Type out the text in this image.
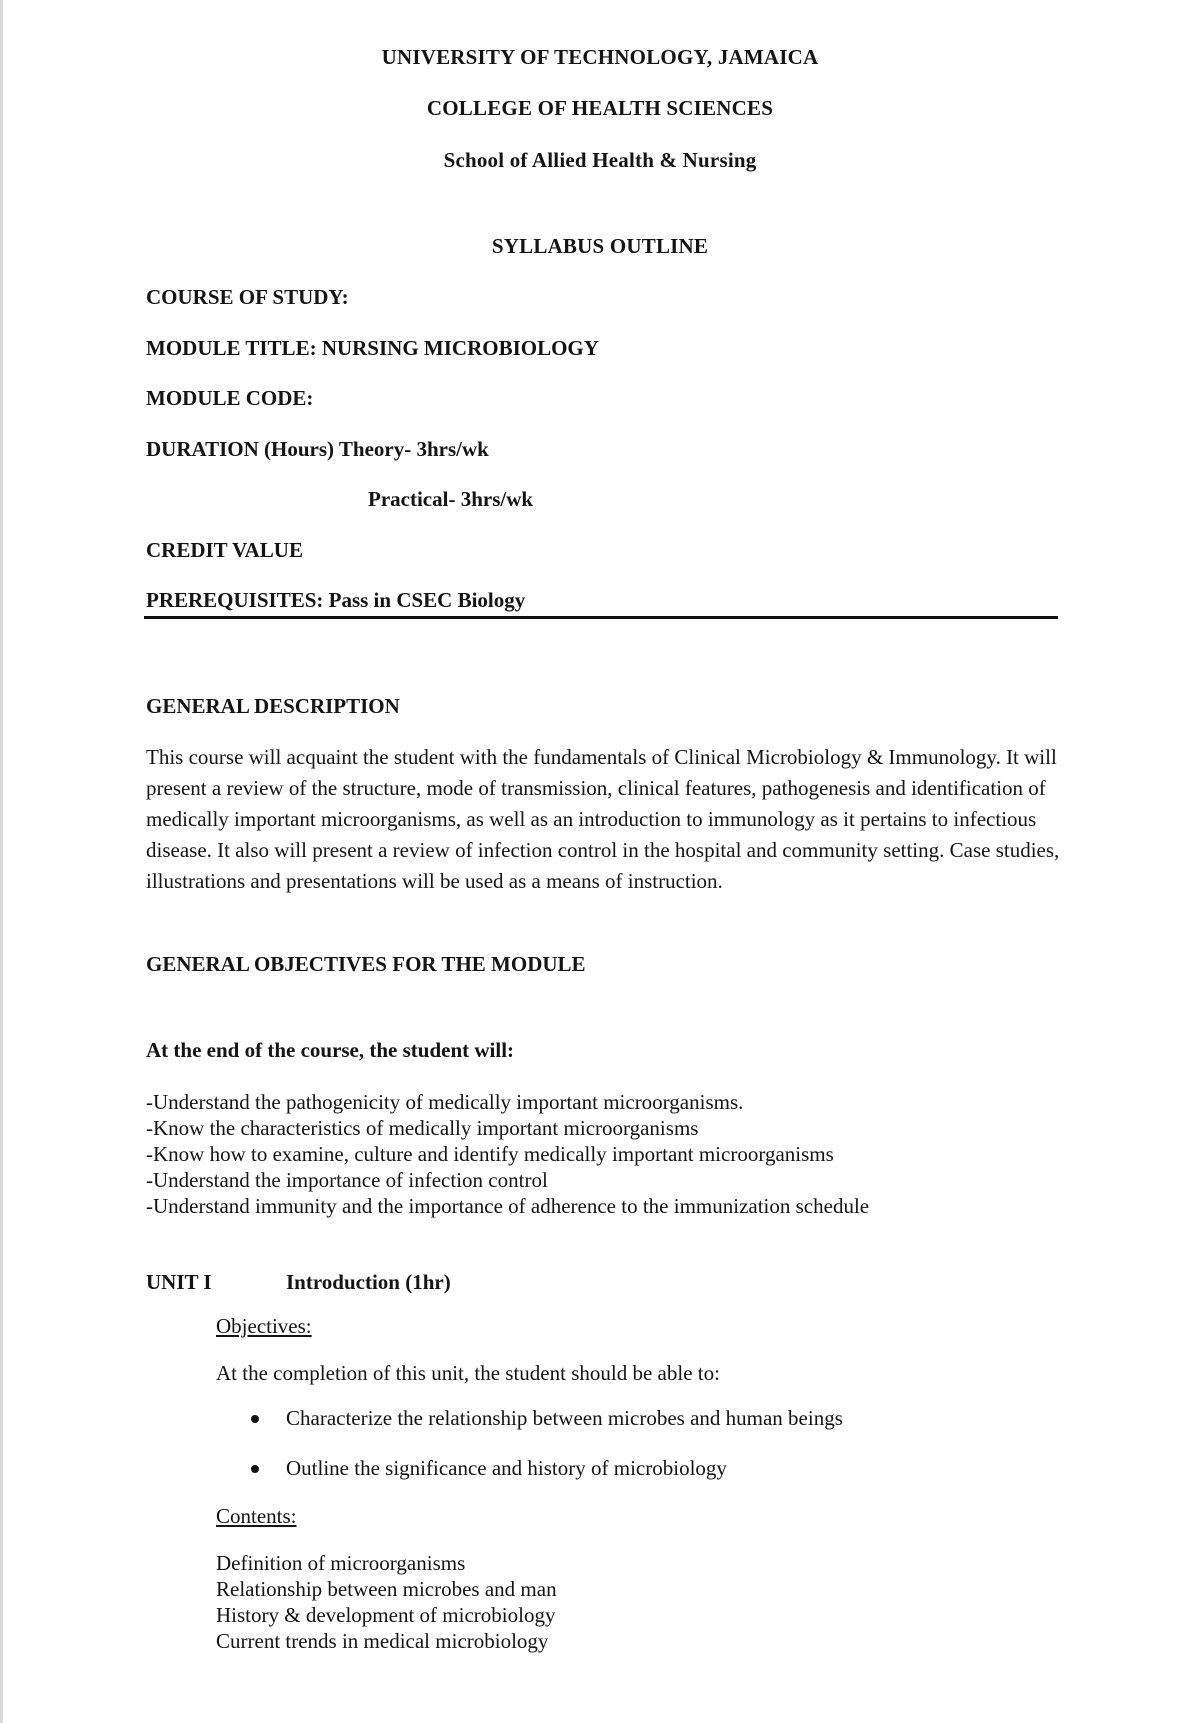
UNIVERSITY OF TECHNOLOGY, JAMAICA
COLLEGE OF HEALTH SCIENCES
School of Allied Health & Nursing
SYLLABUS OUTLINE
COURSE OF STUDY:
MODULE TITLE: NURSING MICROBIOLOGY
MODULE CODE:
DURATION (Hours) Theory- 3hrs/wk
Practical- 3hrs/wk
CREDIT VALUE
PREREQUISITES: Pass in CSEC Biology
GENERAL DESCRIPTION
This course will acquaint the student with the fundamentals of Clinical Microbiology & Immunology. It will present a review of the structure, mode of transmission, clinical features, pathogenesis and identification of medically important microorganisms, as well as an introduction to immunology as it pertains to infectious disease. It also will present a review of infection control in the hospital and community setting. Case studies, illustrations and presentations will be used as a means of instruction.
GENERAL OBJECTIVES FOR THE MODULE
At the end of the course, the student will:
-Understand the pathogenicity of medically important microorganisms.
-Know the characteristics of medically important microorganisms
-Know how to examine, culture and identify medically important microorganisms
-Understand the importance of infection control
-Understand immunity and the importance of adherence to the immunization schedule
UNIT I	Introduction (1hr)
Objectives:
At the completion of this unit, the student should be able to:
Characterize the relationship between microbes and human beings
Outline the significance and history of microbiology
Contents:
Definition of microorganisms
Relationship between microbes and man
History & development of microbiology
Current trends in medical microbiology
